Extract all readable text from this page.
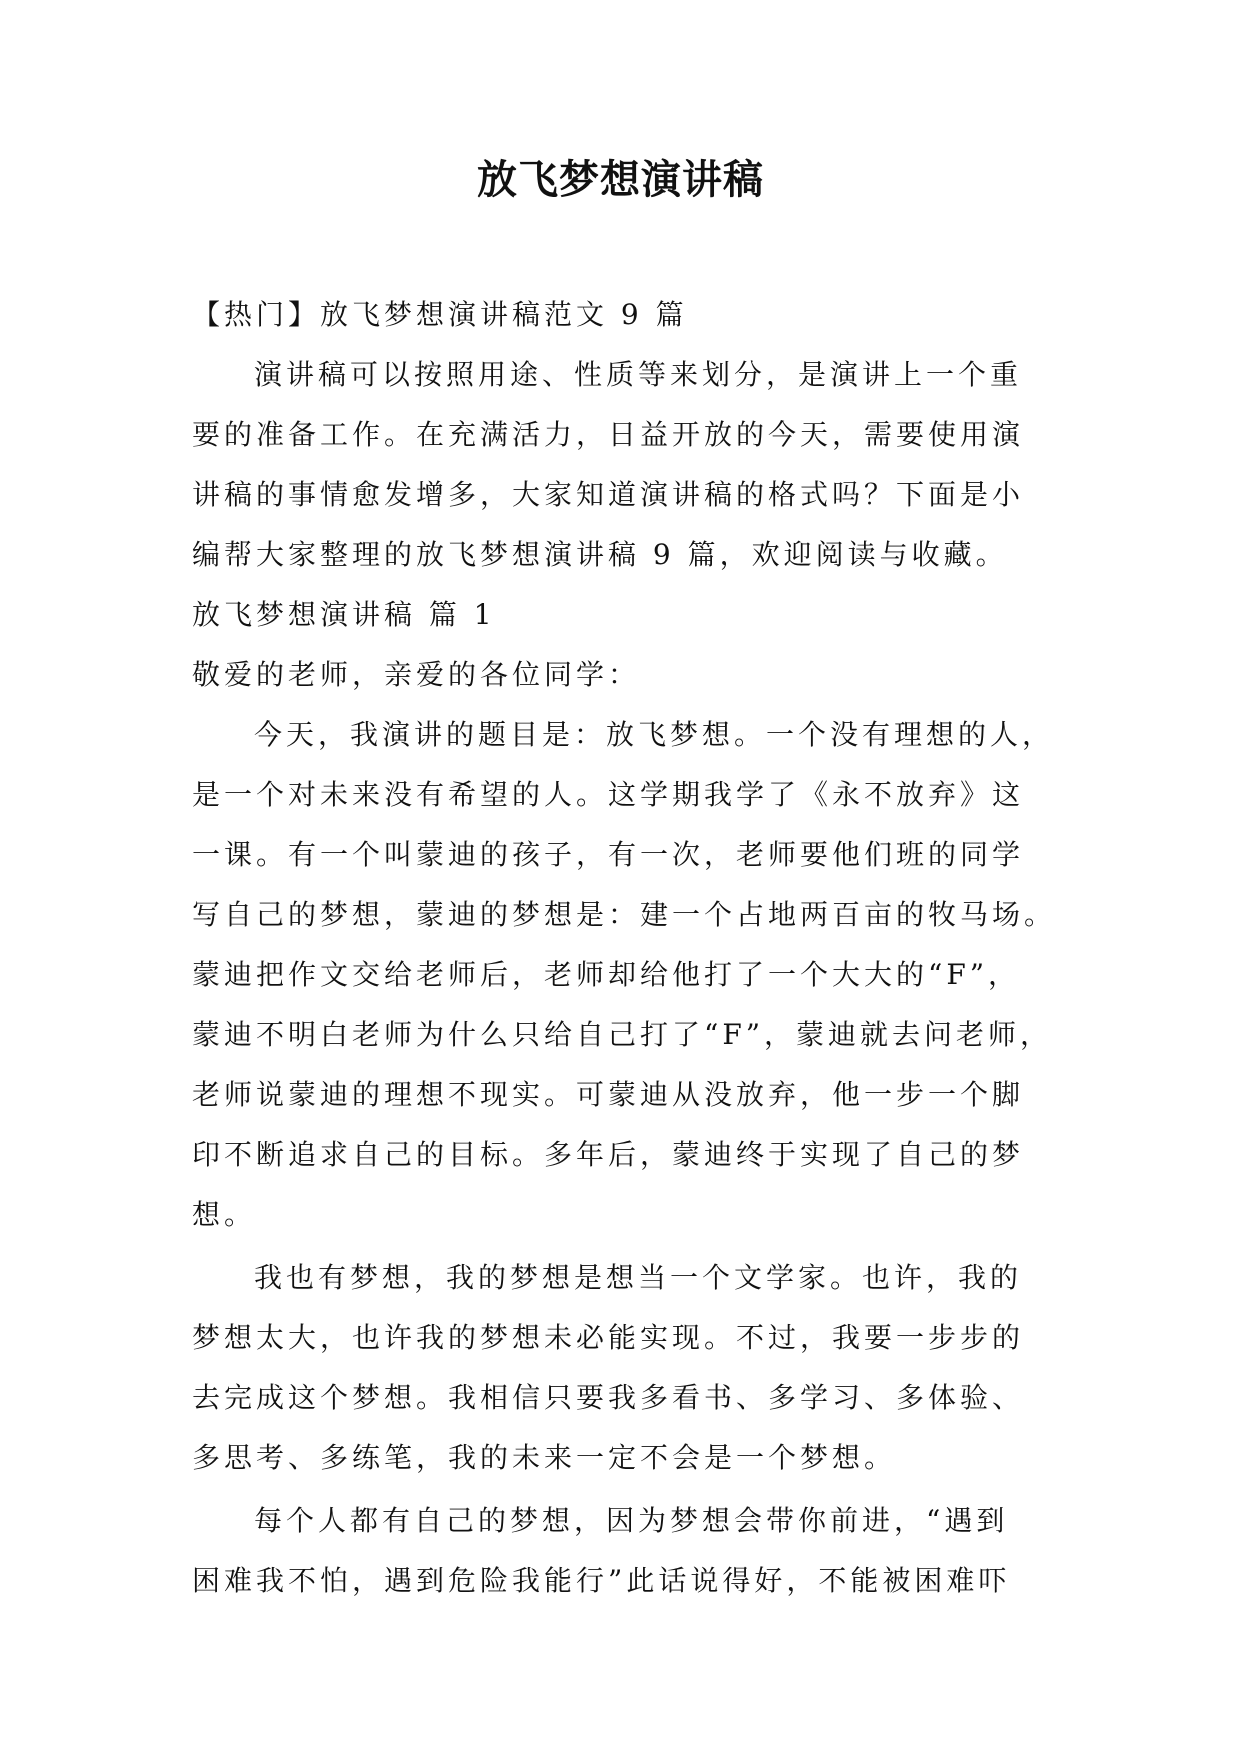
放飞梦想演讲稿
【热门】放飞梦想演讲稿范文 9 篇
演讲稿可以按照用途、性质等来划分，是演讲上一个重
要的准备工作。在充满活力，日益开放的今天，需要使用演
讲稿的事情愈发增多，大家知道演讲稿的格式吗？下面是小
编帮大家整理的放飞梦想演讲稿 9 篇，欢迎阅读与收藏。
放飞梦想演讲稿 篇 1
敬爱的老师，亲爱的各位同学：
今天，我演讲的题目是：放飞梦想。一个没有理想的人，
是一个对未来没有希望的人。这学期我学了《永不放弃》这
一课。有一个叫蒙迪的孩子，有一次，老师要他们班的同学
写自己的梦想，蒙迪的梦想是：建一个占地两百亩的牧马场。
蒙迪把作文交给老师后，老师却给他打了一个大大的“F”，
蒙迪不明白老师为什么只给自己打了“F”，蒙迪就去问老师，
老师说蒙迪的理想不现实。可蒙迪从没放弃，他一步一个脚
印不断追求自己的目标。多年后，蒙迪终于实现了自己的梦
想。
我也有梦想，我的梦想是想当一个文学家。也许，我的
梦想太大，也许我的梦想未必能实现。不过，我要一步步的
去完成这个梦想。我相信只要我多看书、多学习、多体验、
多思考、多练笔，我的未来一定不会是一个梦想。
每个人都有自己的梦想，因为梦想会带你前进，“遇到
困难我不怕，遇到危险我能行”此话说得好，不能被困难吓
